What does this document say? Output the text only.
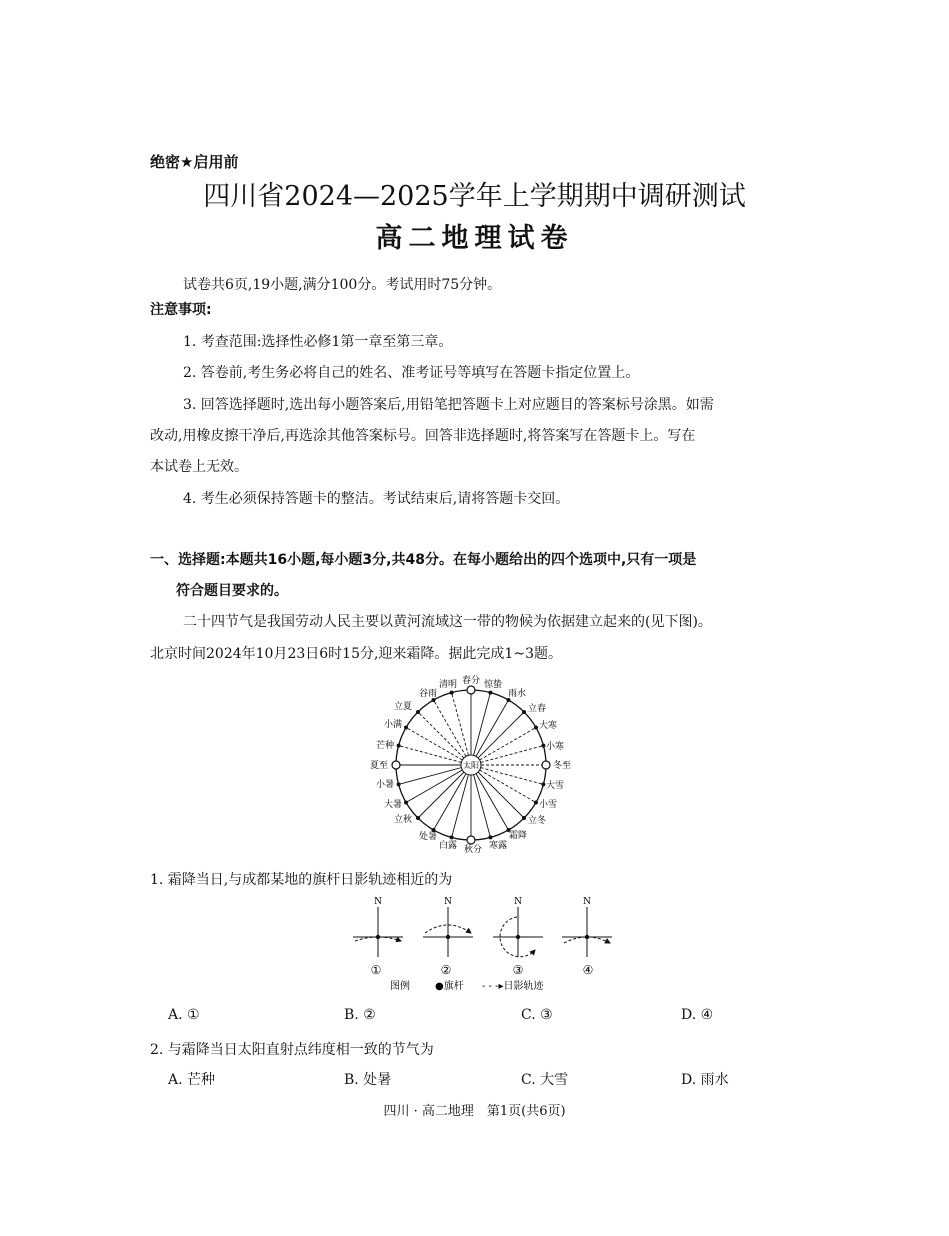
绝密★启用前
四川省2024—2025学年上学期期中调研测试
高二地理试卷
试卷共6页,19小题,满分100分。考试用时75分钟。
注意事项:
1. 考查范围:选择性必修1第一章至第三章。
2. 答卷前,考生务必将自己的姓名、准考证号等填写在答题卡指定位置上。
3. 回答选择题时,选出每小题答案后,用铅笔把答题卡上对应题目的答案标号涂黑。如需
改动,用橡皮擦干净后,再选涂其他答案标号。回答非选择题时,将答案写在答题卡上。写在
本试卷上无效。
4. 考生必须保持答题卡的整洁。考试结束后,请将答题卡交回。
一、选择题:本题共16小题,每小题3分,共48分。在每小题给出的四个选项中,只有一项是
符合题目要求的。
二十四节气是我国劳动人民主要以黄河流域这一带的物候为依据建立起来的(见下图)。
北京时间2024年10月23日6时15分,迎来霜降。据此完成1~3题。
太阳
春分
清明
谷雨
立夏
小满
芒种
夏至
小暑
大暑
立秋
处暑
白露 秋分 寒露
霜降
立冬
小雪
大雪
冬至
小寒
大寒
立春
雨水
惊蛰
1. 霜降当日,与成都某地的旗杆日影轨迹相近的为
N	N	N	N
①	②	③	④
图例	●旗杆 - - -▸日影轨迹
A. ①	B. ②	C. ③	D. ④
2. 与霜降当日太阳直射点纬度相一致的节气为
A. 芒种	B. 处暑	C. 大雪	D. 雨水
四川 · 高二地理　第1页(共6页)
